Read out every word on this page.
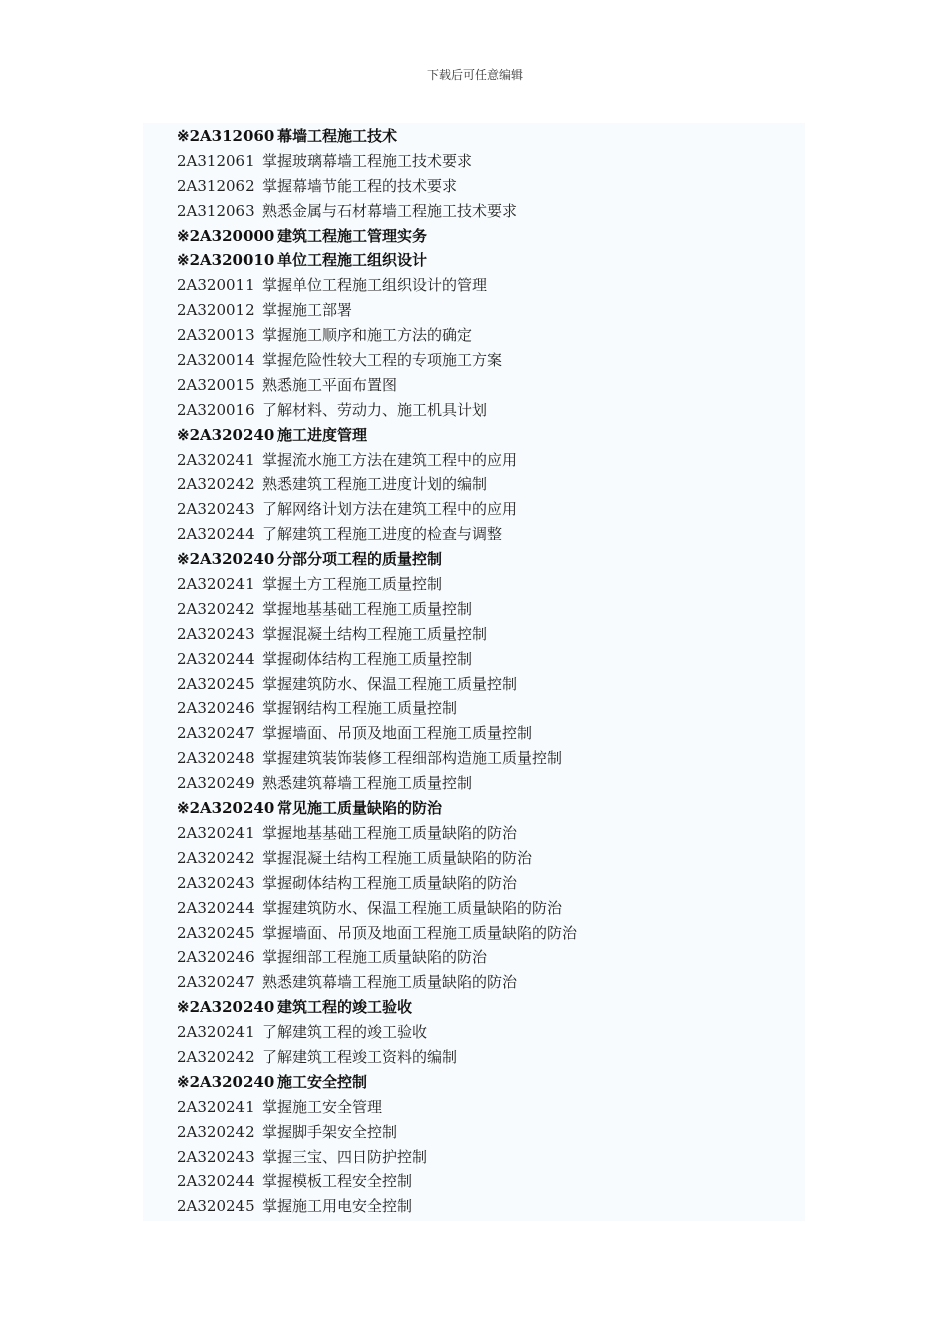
下载后可任意编辑
※2A312060 幕墙工程施工技术
2A312061 掌握玻璃幕墙工程施工技术要求
2A312062 掌握幕墙节能工程的技术要求
2A312063 熟悉金属与石材幕墙工程施工技术要求
※2A320000 建筑工程施工管理实务
※2A320010 单位工程施工组织设计
2A320011 掌握单位工程施工组织设计的管理
2A320012 掌握施工部署
2A320013 掌握施工顺序和施工方法的确定
2A320014 掌握危险性较大工程的专项施工方案
2A320015 熟悉施工平面布置图
2A320016 了解材料、劳动力、施工机具计划
※2A320240 施工进度管理
2A320241 掌握流水施工方法在建筑工程中的应用
2A320242 熟悉建筑工程施工进度计划的编制
2A320243 了解网络计划方法在建筑工程中的应用
2A320244 了解建筑工程施工进度的检查与调整
※2A320240 分部分项工程的质量控制
2A320241 掌握土方工程施工质量控制
2A320242 掌握地基基础工程施工质量控制
2A320243 掌握混凝土结构工程施工质量控制
2A320244 掌握砌体结构工程施工质量控制
2A320245 掌握建筑防水、保温工程施工质量控制
2A320246 掌握钢结构工程施工质量控制
2A320247 掌握墙面、吊顶及地面工程施工质量控制
2A320248 掌握建筑装饰装修工程细部构造施工质量控制
2A320249 熟悉建筑幕墙工程施工质量控制
※2A320240 常见施工质量缺陷的防治
2A320241 掌握地基基础工程施工质量缺陷的防治
2A320242 掌握混凝土结构工程施工质量缺陷的防治
2A320243 掌握砌体结构工程施工质量缺陷的防治
2A320244 掌握建筑防水、保温工程施工质量缺陷的防治
2A320245 掌握墙面、吊顶及地面工程施工质量缺陷的防治
2A320246 掌握细部工程施工质量缺陷的防治
2A320247 熟悉建筑幕墙工程施工质量缺陷的防治
※2A320240 建筑工程的竣工验收
2A320241 了解建筑工程的竣工验收
2A320242 了解建筑工程竣工资料的编制
※2A320240 施工安全控制
2A320241 掌握施工安全管理
2A320242 掌握脚手架安全控制
2A320243 掌握三宝、四日防护控制
2A320244 掌握模板工程安全控制
2A320245 掌握施工用电安全控制
